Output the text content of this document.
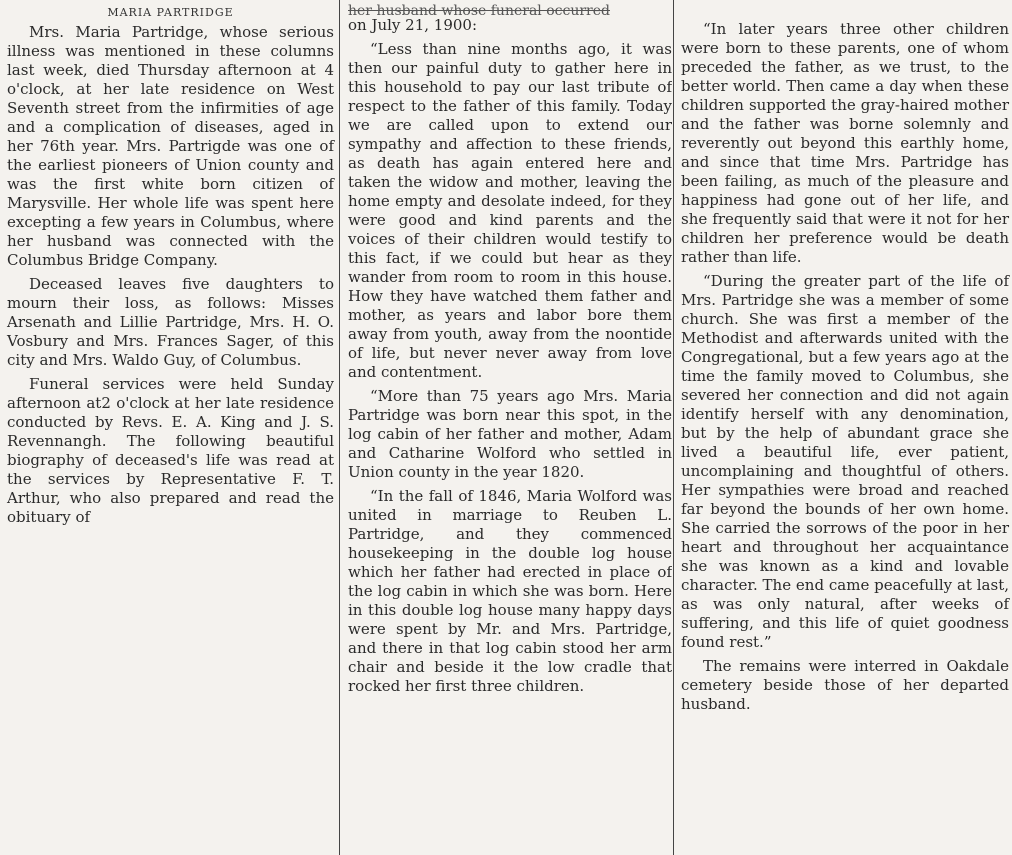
MARIA PARTRIDGE

Mrs. Maria Partridge, whose serious illness was mentioned in these columns last week, died Thursday afternoon at 4 o'clock, at her late residence on West Seventh street from the infirmities of age and a complication of diseases, aged in her 76th year. Mrs. Partrigde was one of the earliest pioneers of Union county and was the first white born citizen of Marysville. Her whole life was spent here excepting a few years in Columbus, where her husband was connected with the Columbus Bridge Company.

Deceased leaves five daughters to mourn their loss, as follows: Misses Arsenath and Lillie Partridge, Mrs. H. O. Vosbury and Mrs. Frances Sager, of this city and Mrs. Waldo Guy, of Columbus.

Funeral services were held Sunday afternoon at2 o'clock at her late residence conducted by Revs. E. A. King and J. S. Revennangh. The following beautiful biography of deceased's life was read at the services by Representative F. T. Arthur, who also prepared and read the obituary of

her husband whose funeral occurred

on July 21, 1900:

“Less than nine months ago, it was then our painful duty to gather here in this household to pay our last tribute of respect to the father of this family. Today we are called upon to extend our sympathy and affection to these friends, as death has again entered here and taken the widow and mother, leaving the home empty and desolate indeed, for they were good and kind parents and the voices of their children would testify to this fact, if we could but hear as they wander from room to room in this house. How they have watched them father and mother, as years and labor bore them away from youth, away from the noontide of life, but never never away from love and contentment.

“More than 75 years ago Mrs. Maria Partridge was born near this spot, in the log cabin of her father and mother, Adam and Catharine Wolford who settled in Union county in the year 1820.

“In the fall of 1846, Maria Wolford was united in marriage to Reuben L. Partridge, and they commenced housekeeping in the double log house which her father had erected in place of the log cabin in which she was born. Here in this double log house many happy days were spent by Mr. and Mrs. Partridge, and there in that log cabin stood her arm chair and beside it the low cradle that rocked her first three children.

“In later years three other children were born to these parents, one of whom preceded the father, as we trust, to the better world. Then came a day when these children supported the gray-haired mother and the father was borne solemnly and reverently out beyond this earthly home, and since that time Mrs. Partridge has been failing, as much of the pleasure and happiness had gone out of her life, and she frequently said that were it not for her children her preference would be death rather than life.

“During the greater part of the life of Mrs. Partridge she was a member of some church. She was first a member of the Methodist and afterwards united with the Congregational, but a few years ago at the time the family moved to Columbus, she severed her connection and did not again identify herself with any denomination, but by the help of abundant grace she lived a beautiful life, ever patient, uncomplaining and thoughtful of others. Her sympathies were broad and reached far beyond the bounds of her own home. She carried the sorrows of the poor in her heart and throughout her acquaintance she was known as a kind and lovable character. The end came peacefully at last, as was only natural, after weeks of suffering, and this life of quiet goodness found rest.”

The remains were interred in Oakdale cemetery beside those of her departed husband.
